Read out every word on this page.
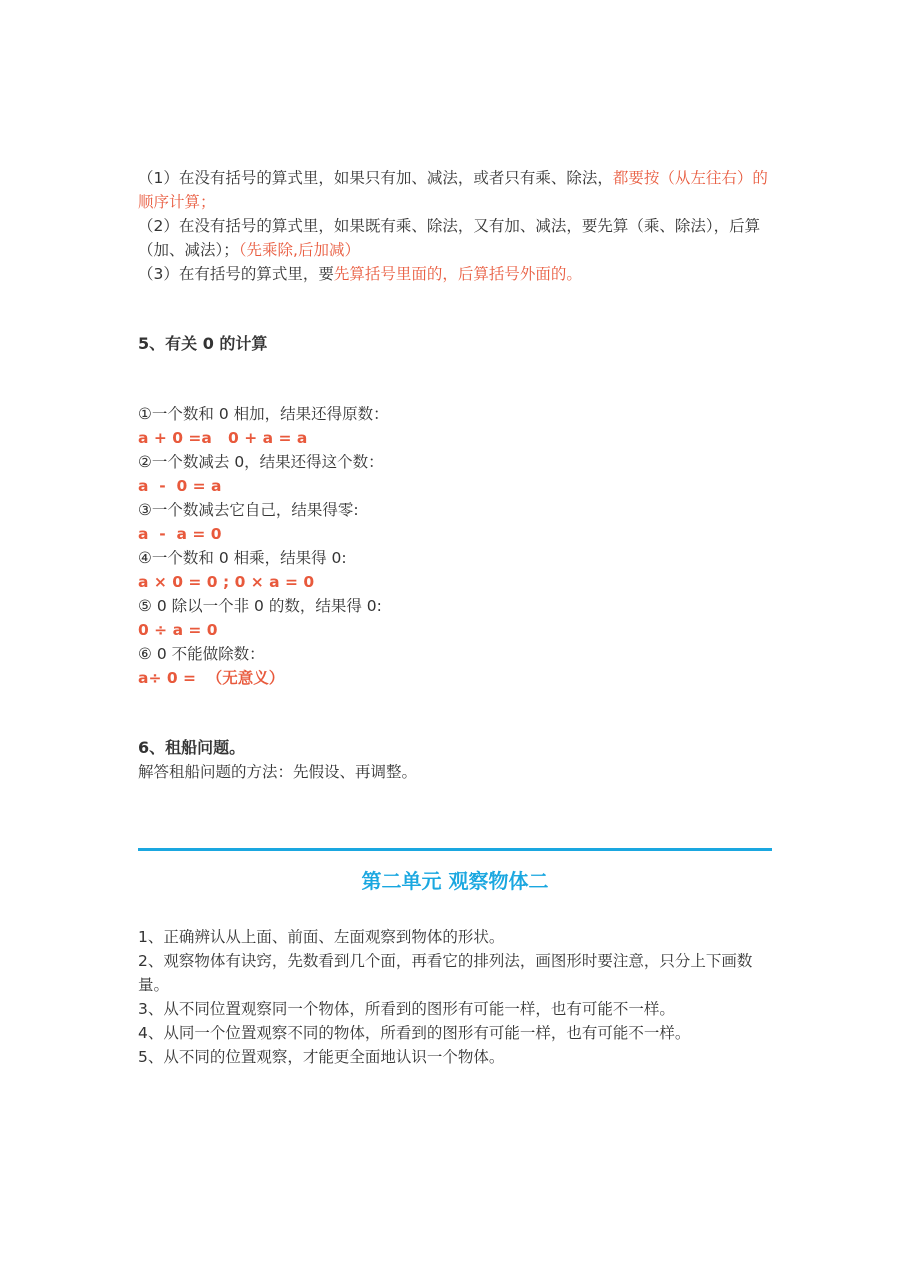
（1）在没有括号的算式里，如果只有加、减法，或者只有乘、除法，都要按（从左往右）的顺序计算；

（2）在没有括号的算式里，如果既有乘、除法，又有加、减法，要先算（乘、除法），后算（加、减法）；（先乘除,后加减）

（3）在有括号的算式里，要先算括号里面的，后算括号外面的。

5、有关 0 的计算

①一个数和 0 相加，结果还得原数：

a + 0 =a   0 + a = a

②一个数减去 0，结果还得这个数：

a  -  0 = a

③一个数减去它自己，结果得零:

a  -  a = 0

④一个数和 0 相乘，结果得 0:

a × 0 = 0 ; 0 × a = 0

⑤ 0 除以一个非 0 的数，结果得 0:

0 ÷ a = 0

⑥ 0 不能做除数：

a÷ 0 =  （无意义）

6、租船问题。

解答租船问题的方法：先假设、再调整。

第二单元 观察物体二

1、正确辨认从上面、前面、左面观察到物体的形状。

2、观察物体有诀窍，先数看到几个面，再看它的排列法，画图形时要注意，只分上下画数量。

3、从不同位置观察同一个物体，所看到的图形有可能一样，也有可能不一样。

4、从同一个位置观察不同的物体，所看到的图形有可能一样，也有可能不一样。

5、从不同的位置观察，才能更全面地认识一个物体。
